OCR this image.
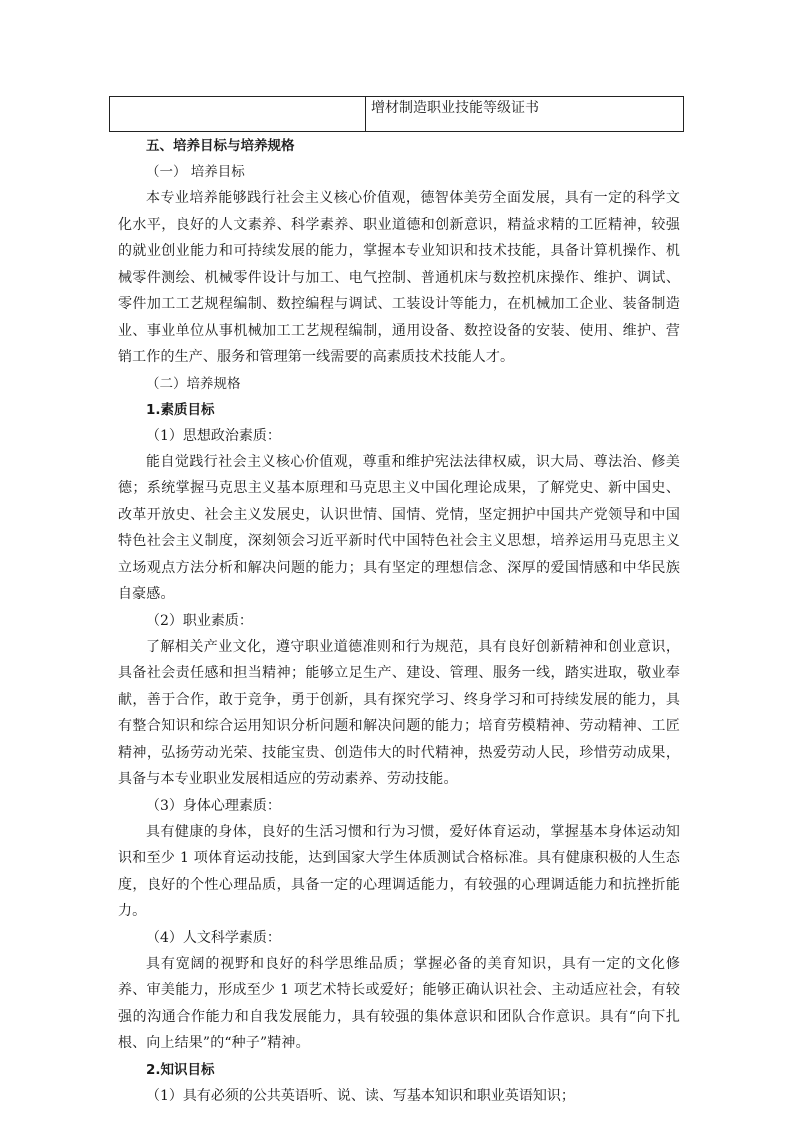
增材制造职业技能等级证书
五、培养目标与培养规格
（一） 培养目标

本专业培养能够践行社会主义核心价值观，德智体美劳全面发展，具有一定的科学文化水平，良好的人文素养、科学素养、职业道德和创新意识，精益求精的工匠精神，较强的就业创业能力和可持续发展的能力，掌握本专业知识和技术技能，具备计算机操作、机械零件测绘、机械零件设计与加工、电气控制、普通机床与数控机床操作、维护、调试、零件加工工艺规程编制、数控编程与调试、工装设计等能力，在机械加工企业、装备制造业、事业单位从事机械加工工艺规程编制，通用设备、数控设备的安装、使用、维护、营销工作的生产、服务和管理第一线需要的高素质技术技能人才。

（二）培养规格
1.素质目标
（1）思想政治素质：

能自觉践行社会主义核心价值观，尊重和维护宪法法律权威，识大局、尊法治、修美德；系统掌握马克思主义基本原理和马克思主义中国化理论成果，了解党史、新中国史、改革开放史、社会主义发展史，认识世情、国情、党情，坚定拥护中国共产党领导和中国特色社会主义制度，深刻领会习近平新时代中国特色社会主义思想，培养运用马克思主义立场观点方法分析和解决问题的能力；具有坚定的理想信念、深厚的爱国情感和中华民族自豪感。

（2）职业素质：

了解相关产业文化，遵守职业道德准则和行为规范，具有良好创新精神和创业意识，具备社会责任感和担当精神；能够立足生产、建设、管理、服务一线，踏实进取，敬业奉献，善于合作，敢于竞争，勇于创新，具有探究学习、终身学习和可持续发展的能力，具有整合知识和综合运用知识分析问题和解决问题的能力；培育劳模精神、劳动精神、工匠精神，弘扬劳动光荣、技能宝贵、创造伟大的时代精神，热爱劳动人民，珍惜劳动成果，具备与本专业职业发展相适应的劳动素养、劳动技能。

（3）身体心理素质：

具有健康的身体，良好的生活习惯和行为习惯，爱好体育运动，掌握基本身体运动知识和至少 1 项体育运动技能，达到国家大学生体质测试合格标准。具有健康积极的人生态度，良好的个性心理品质，具备一定的心理调适能力，有较强的心理调适能力和抗挫折能力。

（4）人文科学素质：

具有宽阔的视野和良好的科学思维品质；掌握必备的美育知识，具有一定的文化修养、审美能力，形成至少 1 项艺术特长或爱好；能够正确认识社会、主动适应社会，有较强的沟通合作能力和自我发展能力，具有较强的集体意识和团队合作意识。具有“向下扎根、向上结果”的“种子”精神。

2.知识目标
（1）具有必须的公共英语听、说、读、写基本知识和职业英语知识；
